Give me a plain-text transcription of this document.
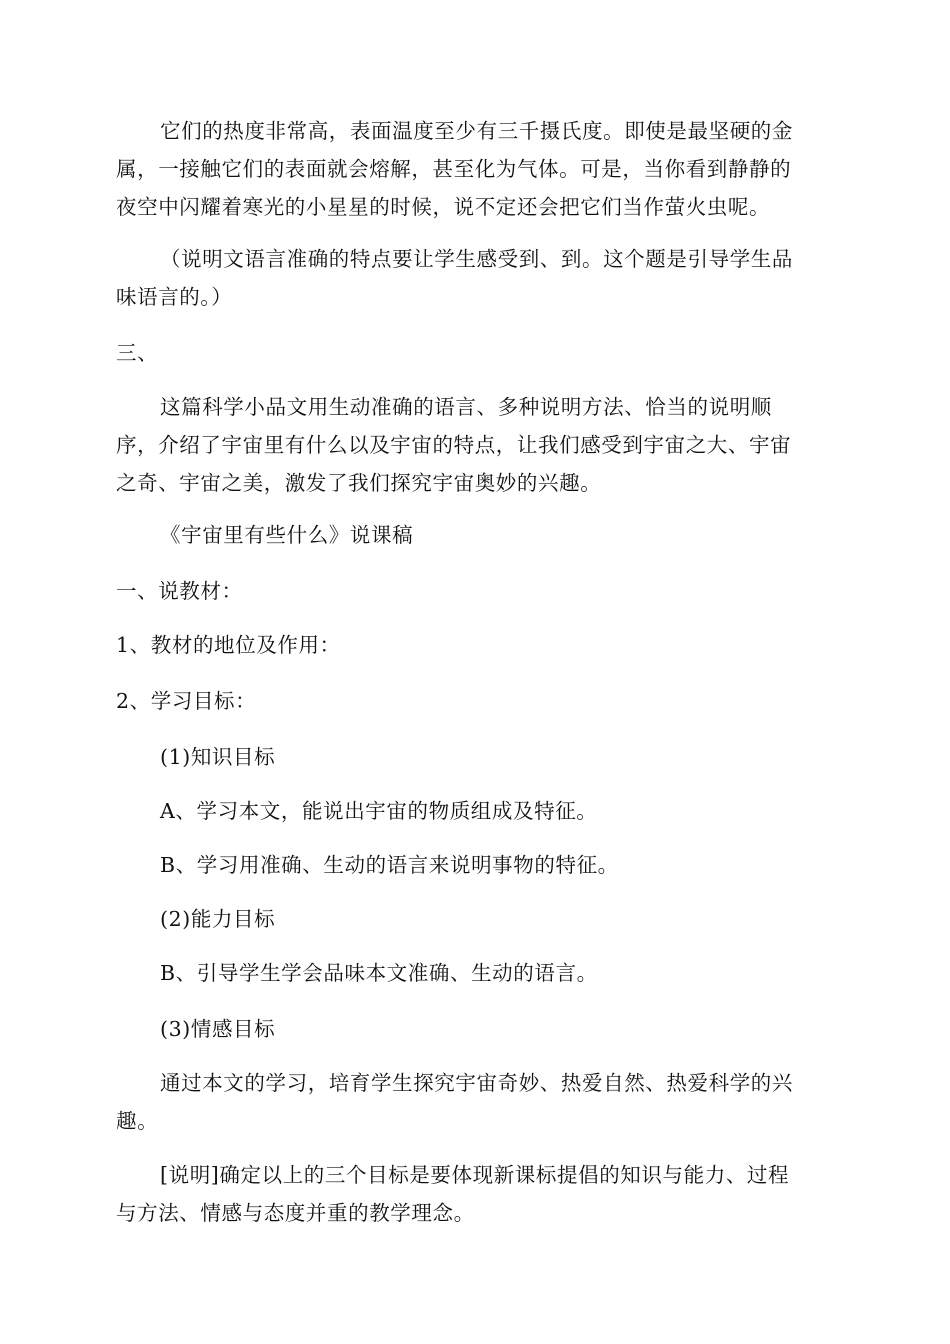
它们的热度非常高，表面温度至少有三千摄氏度。即使是最坚硬的金
属，一接触它们的表面就会熔解，甚至化为气体。可是，当你看到静静的
夜空中闪耀着寒光的小星星的时候，说不定还会把它们当作萤火虫呢。

（说明文语言准确的特点要让学生感受到、到。这个题是引导学生品
味语言的。）

三、

这篇科学小品文用生动准确的语言、多种说明方法、恰当的说明顺
序，介绍了宇宙里有什么以及宇宙的特点，让我们感受到宇宙之大、宇宙
之奇、宇宙之美，激发了我们探究宇宙奥妙的兴趣。

《宇宙里有些什么》说课稿

一、说教材：

1、教材的地位及作用：

2、学习目标：

(1)知识目标

A、学习本文，能说出宇宙的物质组成及特征。

B、学习用准确、生动的语言来说明事物的特征。

(2)能力目标

B、引导学生学会品味本文准确、生动的语言。

(3)情感目标

通过本文的学习，培育学生探究宇宙奇妙、热爱自然、热爱科学的兴
趣。

[说明]确定以上的三个目标是要体现新课标提倡的知识与能力、过程
与方法、情感与态度并重的教学理念。
